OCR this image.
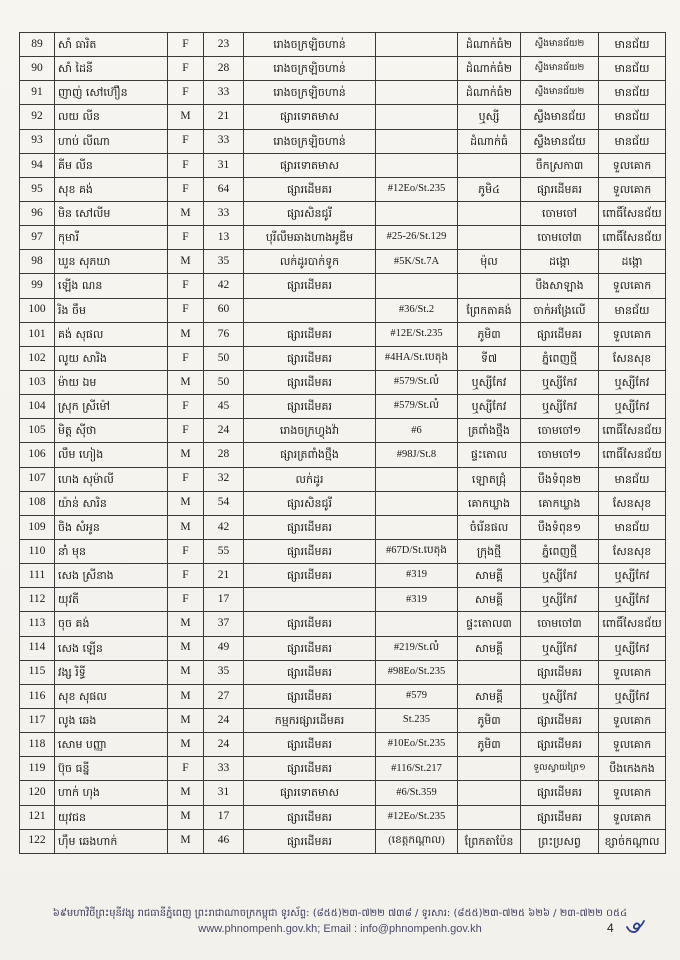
89	សាំ ធារិត	F	23	រោងចក្រឡិចហាន់		ដំណាក់ធំ២	ស្ទឹងមានជ័យ២	មានជ័យ
90	សាំ ដៃនី	F	28	រោងចក្រឡិចហាន់		ដំណាក់ធំ២	ស្ទឹងមានជ័យ២	មានជ័យ
91	ញាញ់ សៅហ៊ឿន	F	33	រោងចក្រឡិចហាន់		ដំណាក់ធំ២	ស្ទឹងមានជ័យ២	មានជ័យ
92	លយ លីន	M	21	ផ្សារទោតមាស		ឬស្សី	ស្ទឹងមានជ័យ	មានជ័យ
93	ហាប់ លីណា	F	33	រោងចក្រឡិចហាន់		ដំណាក់ធំ	ស្ទឹងមានជ័យ	មានជ័យ
94	គីម លីន	F	31	ផ្សារទោតមាស			ចឹកស្រកា៣	ទួលគោក
95	សុខ គង់	F	64	ផ្សារដើមគរ	#12Eo/St.235	ភូមិ៤	ផ្សារដើមគរ	ទួលគោក
96	មិន សៅលីម	M	33	ផ្សារសិនជូរី			ចោមចៅ	ពោធិ៍សែនជ័យ
97	កុមារី	F	13	បុរីលឹមឆាងហាងអូឌីម	#25-26/St.129		ចោមចៅ៣	ពោធិ៍សែនជ័យ
98	ឃួន សុភឃា	M	35	លក់ដូរបាក់ទូក	#5K/St.7A	ម៉ុល	ដង្កោ	ដង្កោ
99	ឡើង ណន	F	42	ផ្សារដើមគរ			បឹងសាឡាង	ទួលគោក
100	រិង ចឹម	F	60		#36/St.2	ព្រែកតាគង់	ចាក់អង្រែលើ	មានជ័យ
101	គង់ សុផល	M	76	ផ្សារដើមគរ	#12E/St.235	ភូមិ៣	ផ្សារដើមគរ	ទួលគោក
102	លូយ សារិង	F	50	ផ្សារដើមគរ	#4HA/St.បេតុង	ទី៧	ភ្នំពេញថ្មី	សែនសុខ
103	ម៉ាយ ឯម	M	50	ផ្សារដើមគរ	#579/St.លំ	ឬស្សីកែវ	ឬស្សីកែវ	ឬស្សីកែវ
104	ស្រុក ស្រីម៉ៅ	F	45	ផ្សារដើមគរ	#579/St.លំ	ឬស្សីកែវ	ឬស្សីកែវ	ឬស្សីកែវ
105	មិត្ត ស៊ីថា	F	24	រោងចក្រហ្វុងវ៉ា	#6	ត្រពាំងថ្មឹង	ចោមចៅ១	ពោធិ៍សែនជ័យ
106	លឹម ហៀង	M	28	ផ្សារត្រពាំងថ្មឹង	#98J/St.8	ផ្ទះតោល	ចោមចៅ១	ពោធិ៍សែនជ័យ
107	ហេង សុម៉ាលី	F	32	លក់ដូរ		ឡោតជ្រុំ	បឹងទំពុន២	មានជ័យ
108	យ៉ាន់ សារិន	M	54	ផ្សារសិនជូរី		គោកឃ្លាង	គោកឃ្លាង	សែនសុខ
109	ចិង សំអូន	M	42	ផ្សារដើមគរ		ចំរើនផល	បឹងទំពុន១	មានជ័យ
110	នាំ មុន	F	55	ផ្សារដើមគរ	#67D/St.បេតុង	ក្រុងថ្មី	ភ្នំពេញថ្មី	សែនសុខ
111	សេង ស្រីនាង	F	21	ផ្សារដើមគរ	#319	សាមគ្គី	ឬស្សីកែវ	ឬស្សីកែវ
112	យុវតី	F	17		#319	សាមគ្គី	ឬស្សីកែវ	ឬស្សីកែវ
113	ចុច គង់	M	37	ផ្សារដើមគរ		ផ្ទះតោល៣	ចោមចៅ៣	ពោធិ៍សែនជ័យ
114	សេង ឡើន	M	49	ផ្សារដើមគរ	#219/St.លំ	សាមគ្គី	ឬស្សីកែវ	ឬស្សីកែវ
115	វង្ស រិទ្ធី	M	35	ផ្សារដើមគរ	#98Eo/St.235		ផ្សារដើមគរ	ទួលគោក
116	សុខ សុផល	M	27	ផ្សារដើមគរ	#579	សាមគ្គី	ឬស្សីកែវ	ឬស្សីកែវ
117	លូង ឆេង	M	24	កម្មករផ្សារដើមគរ	St.235	ភូមិ៣	ផ្សារដើមគរ	ទួលគោក
118	សោម បញ្ញា	M	24	ផ្សារដើមគរ	#10Eo/St.235	ភូមិ៣	ផ្សារដើមគរ	ទួលគោក
119	ប៊ុច ធន្នី	F	33	ផ្សារដើមគរ	#116/St.217		ទួលស្វាយព្រៃ១	បឹងកេងកង
120	ហាក់ ហុង	M	31	ផ្សារទោតមាស	#6/St.359		ផ្សារដើមគរ	ទួលគោក
121	យុវជន	M	17	ផ្សារដើមគរ	#12Eo/St.235		ផ្សារដើមគរ	ទួលគោក
122	ហ៊ឹម ឆេងហាក់	M	46	ផ្សារដើមគរ	(ខេត្តកណ្តាល)	ព្រែកតាប៉ែន	ព្រះប្រសព្វ	ខ្សាច់កណ្តាល
៦៩មហាវិថីព្រះមុនីវង្ស រាជធានីភ្នំពេញ ព្រះរាជាណាចក្រកម្ពុជា ទូរស័ព្ទ: (៨៥៥)២៣-៧២២ ៧៣៨ / ទូរសារ: (៨៥៥)២៣-៧២៥ ៦២៦ / ២៣-៧២២ ០៥៤
www.phnompenh.gov.kh; Email : info@phnompenh.gov.kh	4
